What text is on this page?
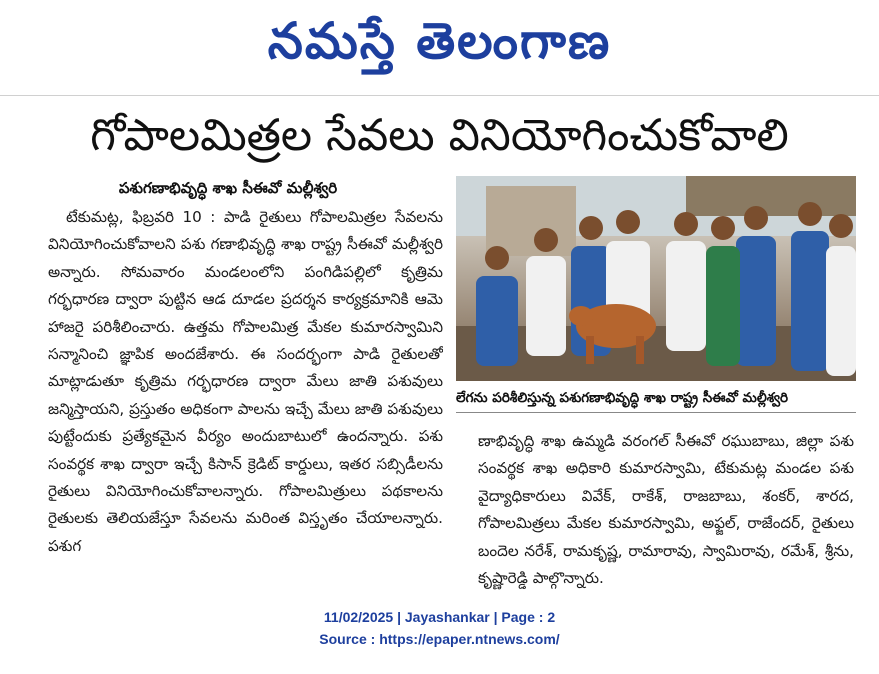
నమస్తే తెలంగాణ
గోపాలమిత్రల సేవలు వినియోగించుకోవాలి
పశుగణాభివృద్ధి శాఖ సీఈవో మల్లీశ్వరి

టేకుమట్ల, ఫిబ్రవరి 10 : పాడి రైతులు గోపాలమిత్రల సేవలను వినియోగించుకోవాలని పశు గణాభివృద్ధి శాఖ రాష్ట్ర సీఈవో మల్లీశ్వరి అన్నారు. సోమవారం మండలంలోని పంగిడిపల్లిలో కృత్రిమ గర్భధారణ ద్వారా పుట్టిన ఆడ దూడల ప్రదర్శన కార్యక్రమానికి ఆమె హాజరై పరిశీలించారు. ఉత్తమ గోపాలమిత్ర మేకల కుమారస్వామిని సన్మానించి జ్ఞాపిక అందజేశారు. ఈ సందర్భంగా పాడి రైతులతో మాట్లాడుతూ కృత్రిమ గర్భధారణ ద్వారా మేలు జాతి పశువులు జన్మిస్తాయని, ప్రస్తుతం అధికంగా పాలను ఇచ్చే మేలు జాతి పశువులు పుట్టేందుకు ప్రత్యేకమైన వీర్యం అందుబాటులో ఉందన్నారు. పశు సంవర్థక శాఖ ద్వారా ఇచ్చే కిసాన్ క్రెడిట్ కార్డులు, ఇతర సబ్సిడీలను రైతులు వినియోగించుకోవాలన్నారు. గోపాలమిత్రులు పథకాలను రైతులకు తెలియజేస్తూ సేవలను మరింత విస్తృతం చేయాలన్నారు. పశుగ

లేగను పరిశీలిస్తున్న పశుగణాభివృద్ధి శాఖ రాష్ట్ర సీఈవో మల్లీశ్వరి

ణాభివృద్ధి శాఖ ఉమ్మడి వరంగల్ సీఈవో రఘుబాబు, జిల్లా పశు సంవర్థక శాఖ అధికారి కుమారస్వామి, టేకుమట్ల మండల పశు వైద్యాధికారులు వివేక్, రాకేశ్, రాజబాబు, శంకర్, శారద, గోపాలమిత్రలు మేకల కుమారస్వామి, అఫ్జల్, రాజేందర్, రైతులు బందెల నరేశ్, రామకృష్ణ, రామారావు, స్వామిరావు, రమేశ్, శ్రీను, కృష్ణారెడ్డి పాల్గొన్నారు.

11/02/2025 | Jayashankar | Page : 2
Source : https://epaper.ntnews.com/
